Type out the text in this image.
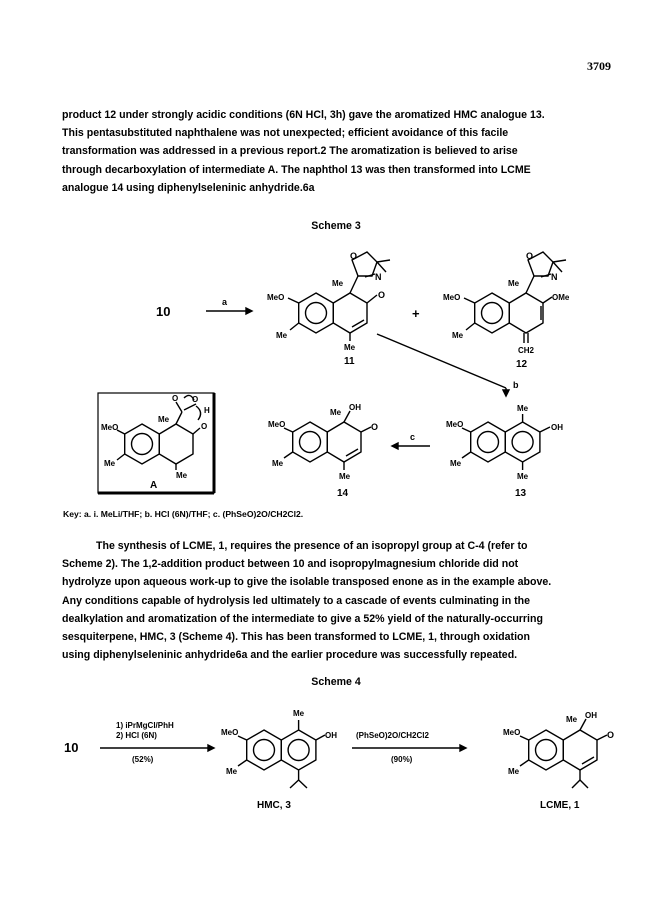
3709

product 12 under strongly acidic conditions (6N HCl, 3h) gave the aromatized HMC analogue 13.

This pentasubstituted naphthalene was not unexpected; efficient avoidance of this facile

transformation was addressed in a previous report.2 The aromatization is believed to arise

through decarboxylation of intermediate A. The naphthol 13 was then transformed into LCME

analogue 14 using diphenylseleninic anhydride.6a

Scheme 3
10
a	MeO
Me
Me
O
O
N
Me
11
+
MeO
Me
Me
OMe
O
N
CH2
12
b
O O
H
O
MeO
Me
Me
Me
A
MeO
Me
Me
OH
O
Me
14
c
MeO
Me
Me
OH
Me
13
Key: a. i. MeLi/THF; b. HCl (6N)/THF; c. (PhSeO)2O/CH2Cl2.

The synthesis of LCME, 1, requires the presence of an isopropyl group at C-4 (refer to

Scheme 2). The 1,2-addition product between 10 and isopropylmagnesium chloride did not

hydrolyze upon aqueous work-up to give the isolable transposed enone as in the example above.

Any conditions capable of hydrolysis led ultimately to a cascade of events culminating in the

dealkylation and aromatization of the intermediate to give a 52% yield of the naturally-occurring

sesquiterpene, HMC, 3 (Scheme 4). This has been transformed to LCME, 1, through oxidation

using diphenylseleninic anhydride6a and the earlier procedure was successfully repeated.

Scheme 4
10
1) iPrMgCl/PhH
2) HCl (6N)
(52%)
MeO
Me
Me
OH
HMC, 3
(PhSeO)2O/CH2Cl2
(90%)
MeO
Me
Me OH
O
LCME, 1
